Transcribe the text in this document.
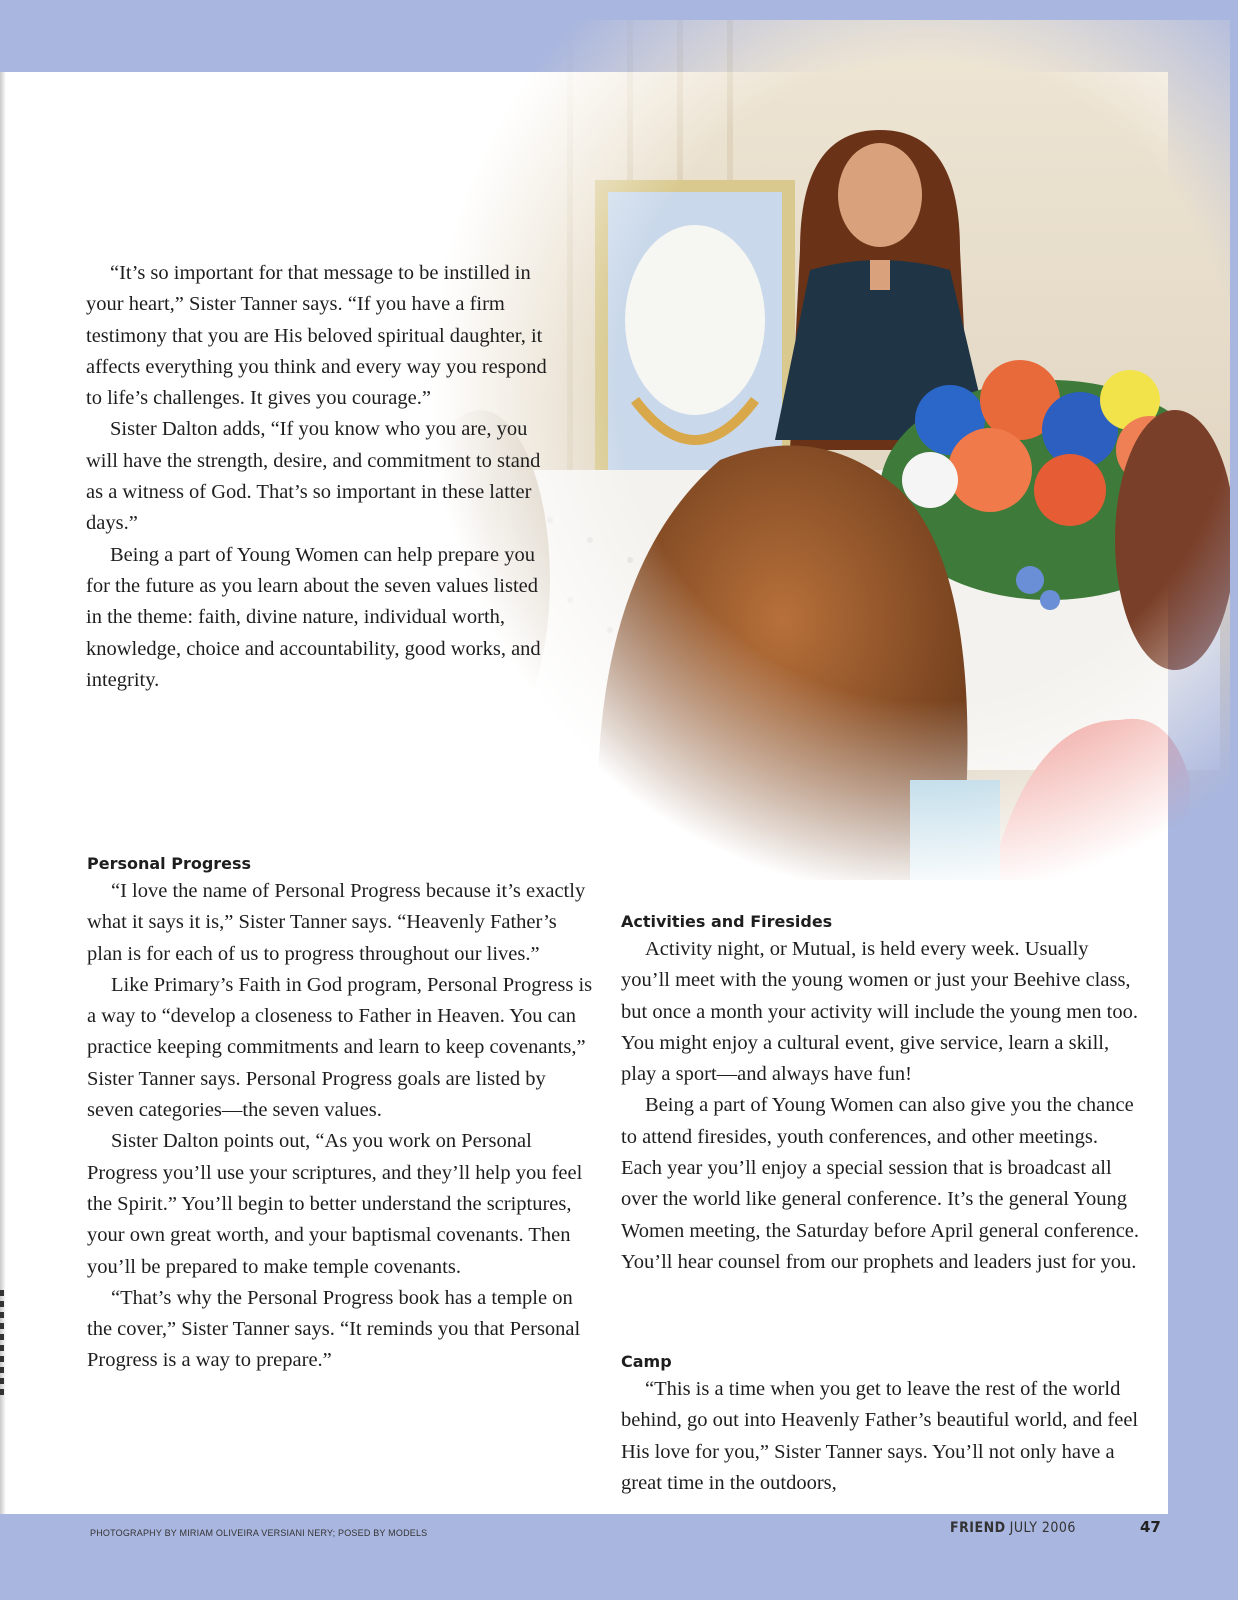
“It’s so important for that message to be instilled in your heart,” Sister Tanner says. “If you have a firm testimony that you are His beloved spiritual daughter, it affects everything you think and every way you respond to life’s challenges. It gives you courage.”

Sister Dalton adds, “If you know who you are, you will have the strength, desire, and commitment to stand as a witness of God. That’s so important in these latter days.”

Being a part of Young Women can help prepare you for the future as you learn about the seven values listed in the theme: faith, divine nature, individual worth, knowledge, choice and accountability, good works, and integrity.

Personal Progress

“I love the name of Personal Progress because it’s exactly what it says it is,” Sister Tanner says. “Heavenly Father’s plan is for each of us to progress throughout our lives.”

Like Primary’s Faith in God program, Personal Progress is a way to “develop a closeness to Father in Heaven. You can practice keeping commitments and learn to keep covenants,” Sister Tanner says. Personal Progress goals are listed by seven categories—the seven values.

Sister Dalton points out, “As you work on Personal Progress you’ll use your scriptures, and they’ll help you feel the Spirit.” You’ll begin to better understand the scriptures, your own great worth, and your baptismal covenants. Then you’ll be prepared to make temple covenants.

“That’s why the Personal Progress book has a temple on the cover,” Sister Tanner says. “It reminds you that Personal Progress is a way to prepare.”

Activities and Firesides

Activity night, or Mutual, is held every week. Usually you’ll meet with the young women or just your Beehive class, but once a month your activity will include the young men too. You might enjoy a cultural event, give service, learn a skill, play a sport—and always have fun!

Being a part of Young Women can also give you the chance to attend firesides, youth conferences, and other meetings. Each year you’ll enjoy a special session that is broadcast all over the world like general conference. It’s the general Young Women meeting, the Saturday before April general conference. You’ll hear counsel from our prophets and leaders just for you.

Camp

“This is a time when you get to leave the rest of the world behind, go out into Heavenly Father’s beautiful world, and feel His love for you,” Sister Tanner says. You’ll not only have a great time in the outdoors,

PHOTOGRAPHY BY MIRIAM OLIVEIRA VERSIANI NERY; POSED BY MODELS	FRIEND JULY 2006	47
